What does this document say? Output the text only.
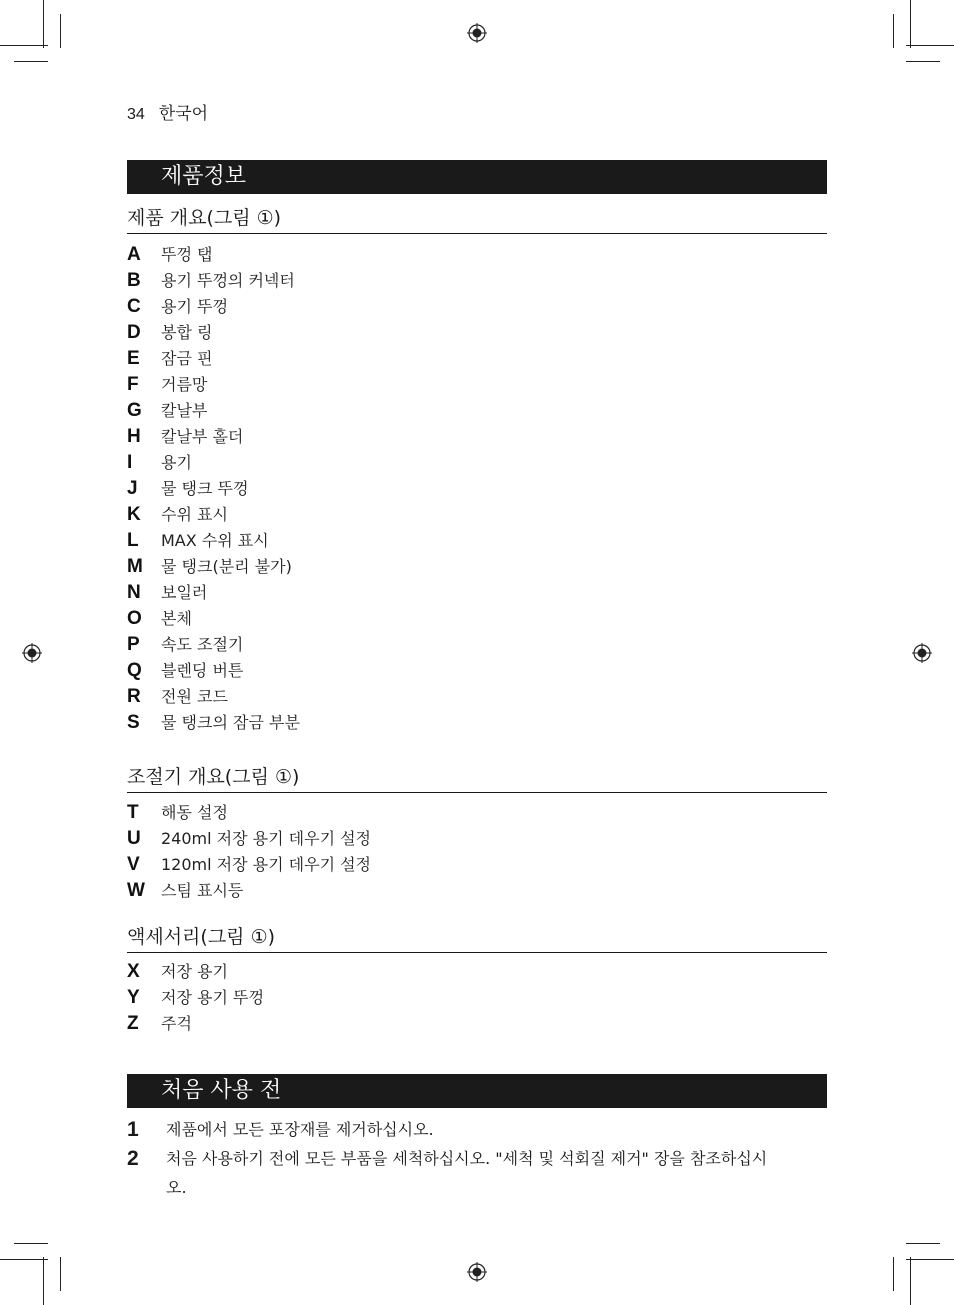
34 한국어
제품정보
제품 개요(그림 ①)
A	뚜껑 탭
B	용기 뚜껑의 커넥터
C	용기 뚜껑
D	봉합 링
E	잠금 핀
F	거름망
G	칼날부
H	칼날부 홀더
I	용기
J	물 탱크 뚜껑
K	수위 표시
L	MAX 수위 표시
M	물 탱크(분리 불가)
N	보일러
O	본체
P	속도 조절기
Q	블렌딩 버튼
R	전원 코드
S	물 탱크의 잠금 부분
조절기 개요(그림 ①)
T	해동 설정
U	240ml 저장 용기 데우기 설정
V	120ml 저장 용기 데우기 설정
W	스팀 표시등
액세서리(그림 ①)
X	저장 용기
Y	저장 용기 뚜껑
Z	주걱
처음 사용 전
1	제품에서 모든 포장재를 제거하십시오.
2	처음 사용하기 전에 모든 부품을 세척하십시오. "세척 및 석회질 제거" 장을 참조하십시오.
